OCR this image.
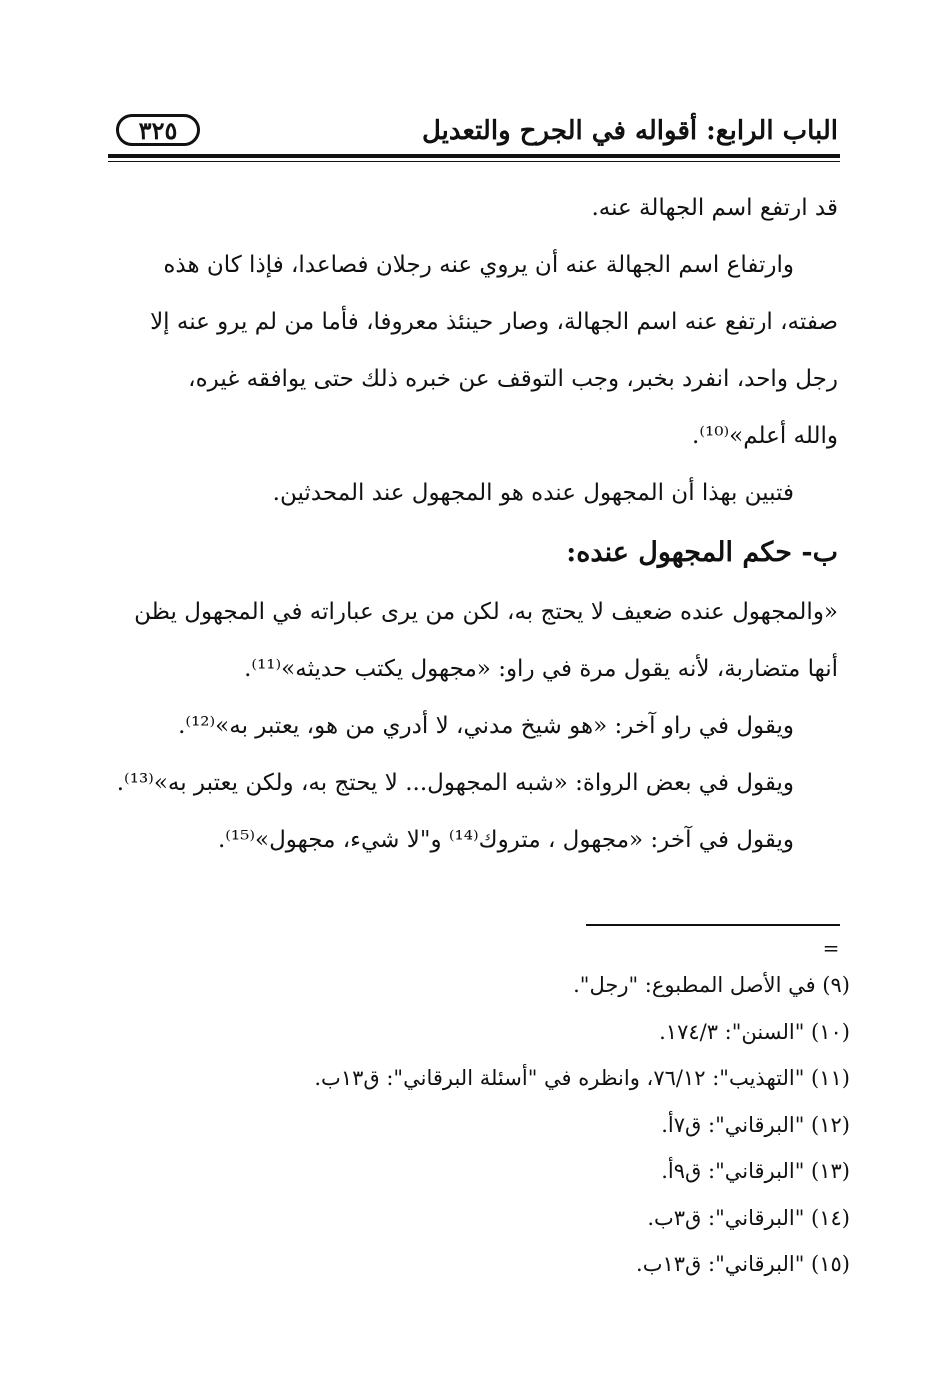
الباب الرابع: أقواله في الجرح والتعديل
٣٢٥
قد ارتفع اسم الجهالة عنه.
وارتفاع اسم الجهالة عنه أن يروي عنه رجلان فصاعدا، فإذا كان هذه
صفته، ارتفع عنه اسم الجهالة، وصار حينئذ معروفا، فأما من لم يرو عنه إلا
رجل واحد، انفرد بخبر، وجب التوقف عن خبره ذلك حتى يوافقه غيره،
والله أعلم»⁽¹⁰⁾.
فتبين بهذا أن المجهول عنده هو المجهول عند المحدثين.
ب- حكم المجهول عنده:
«والمجهول عنده ضعيف لا يحتج به، لكن من يرى عباراته في المجهول يظن
أنها متضاربة، لأنه يقول مرة في راو: «مجهول يكتب حديثه»⁽¹¹⁾.
ويقول في راو آخر: «هو شيخ مدني، لا أدري من هو، يعتبر به»⁽¹²⁾.
ويقول في بعض الرواة: «شبه المجهول... لا يحتج به، ولكن يعتبر به»⁽¹³⁾.
ويقول في آخر: «مجهول ، متروك⁽¹⁴⁾ و"لا شيء، مجهول»⁽¹⁵⁾.
=
(٩) في الأصل المطبوع: "رجل".
(١٠) "السنن": ١٧٤/٣.
(١١) "التهذيب": ٧٦/١٢، وانظره في "أسئلة البرقاني": ق١٣ب.
(١٢) "البرقاني": ق٧أ.
(١٣) "البرقاني": ق٩أ.
(١٤) "البرقاني": ق٣ب.
(١٥) "البرقاني": ق١٣ب.
